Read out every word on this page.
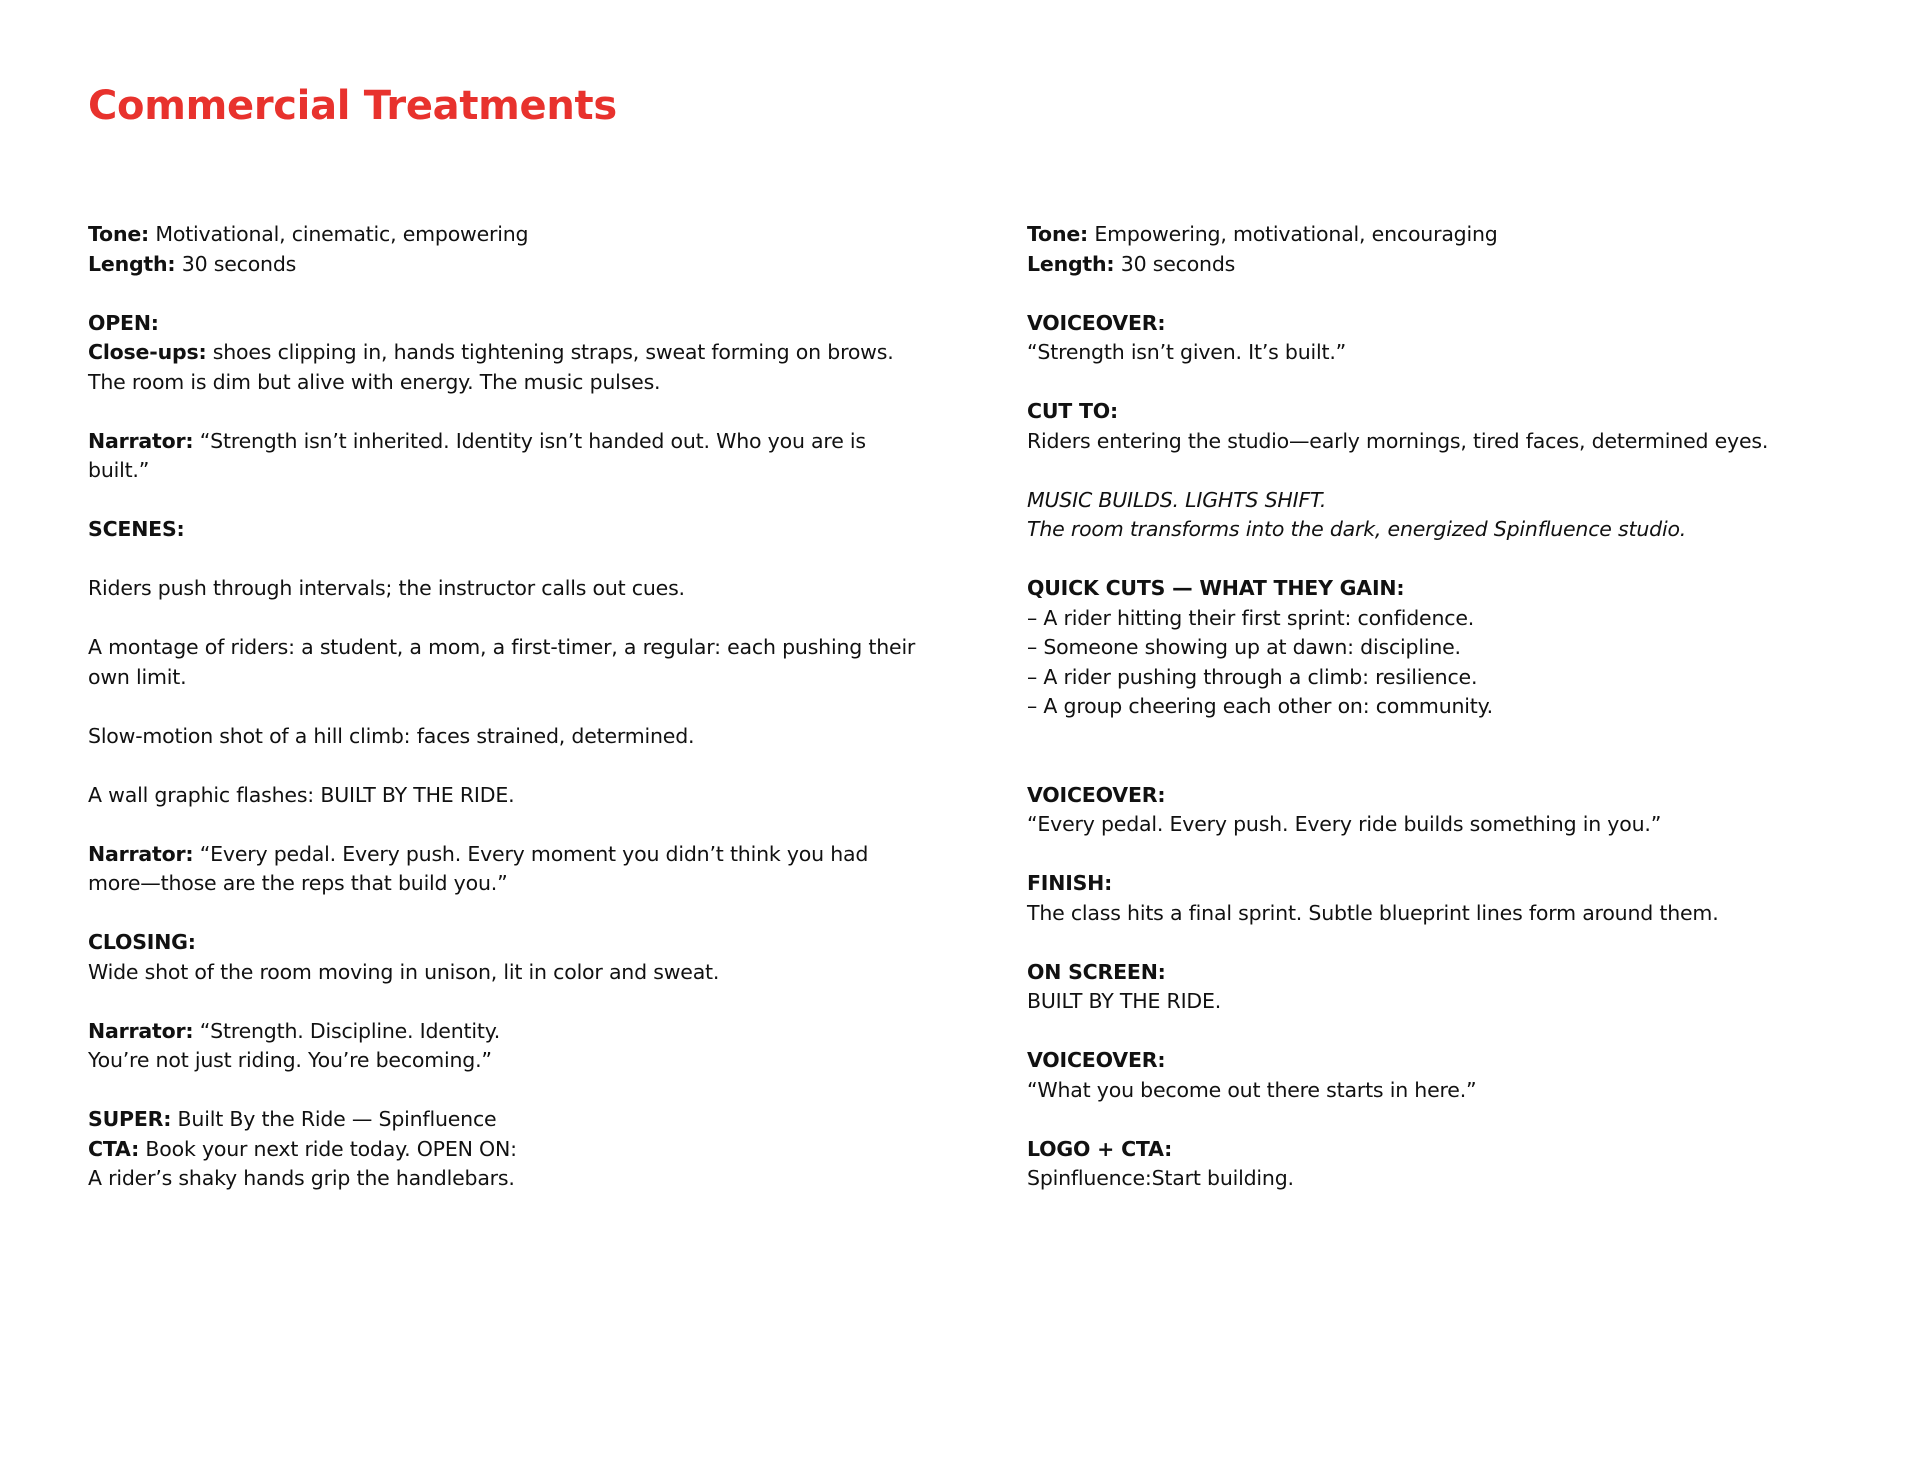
Commercial Treatments

Tone: Motivational, cinematic, empowering

Length: 30 seconds

OPEN:

Close-ups: shoes clipping in, hands tightening straps, sweat forming on brows. The room is dim but alive with energy. The music pulses.

Narrator: “Strength isn’t inherited. Identity isn’t handed out. Who you are is built.”

SCENES:

Riders push through intervals; the instructor calls out cues.

A montage of riders: a student, a mom, a first-timer, a regular: each pushing their own limit.

Slow-motion shot of a hill climb: faces strained, determined.

A wall graphic flashes: BUILT BY THE RIDE.

Narrator: “Every pedal. Every push. Every moment you didn’t think you had more—those are the reps that build you.”

CLOSING:

Wide shot of the room moving in unison, lit in color and sweat.

Narrator: “Strength. Discipline. Identity.

You’re not just riding. You’re becoming.”

SUPER: Built By the Ride — Spinfluence

CTA: Book your next ride today. OPEN ON:

A rider’s shaky hands grip the handlebars.

Tone: Empowering, motivational, encouraging

Length: 30 seconds

VOICEOVER:

“Strength isn’t given. It’s built.”

CUT TO:

Riders entering the studio—early mornings, tired faces, determined eyes.

MUSIC BUILDS. LIGHTS SHIFT.

The room transforms into the dark, energized Spinfluence studio.

QUICK CUTS — WHAT THEY GAIN:

– A rider hitting their first sprint: confidence.

– Someone showing up at dawn: discipline.

– A rider pushing through a climb: resilience.

– A group cheering each other on: community.

VOICEOVER:

“Every pedal. Every push. Every ride builds something in you.”

FINISH:

The class hits a final sprint. Subtle blueprint lines form around them.

ON SCREEN:

BUILT BY THE RIDE.

VOICEOVER:

“What you become out there starts in here.”

LOGO + CTA:

Spinfluence:Start building.
